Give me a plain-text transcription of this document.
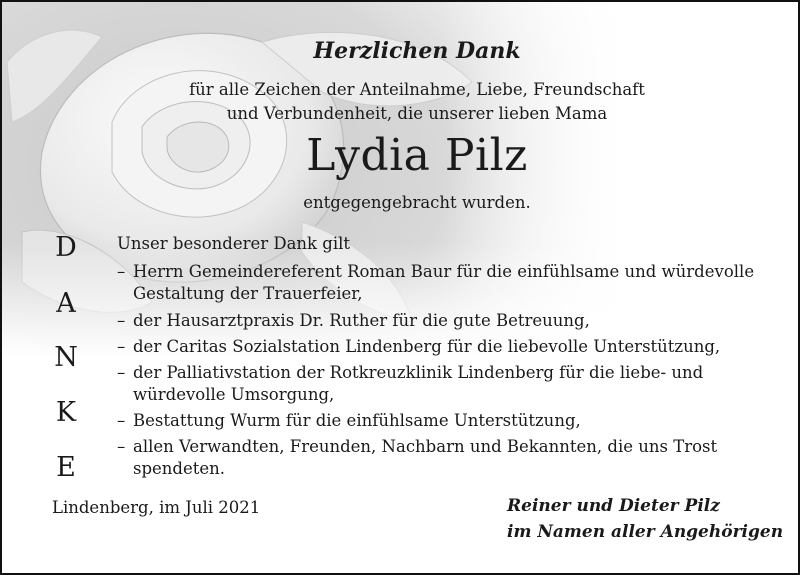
Herzlichen Dank
für alle Zeichen der Anteilnahme, Liebe, Freundschaft
und Verbundenheit, die unserer lieben Mama
Lydia Pilz
entgegengebracht wurden.
D
A
N
K
E
Unser besonderer Dank gilt
– Herrn Gemeindereferent Roman Baur für die einfühlsame und würdevolle Gestaltung der Trauerfeier,
– der Hausarztpraxis Dr. Ruther für die gute Betreuung,
– der Caritas Sozialstation Lindenberg für die liebevolle Unterstützung,
– der Palliativstation der Rotkreuzklinik Lindenberg für die liebe- und würdevolle Umsorgung,
– Bestattung Wurm für die einfühlsame Unterstützung,
– allen Verwandten, Freunden, Nachbarn und Bekannten, die uns Trost spendeten.
Lindenberg, im Juli 2021	Reiner und Dieter Pilz
im Namen aller Angehörigen
